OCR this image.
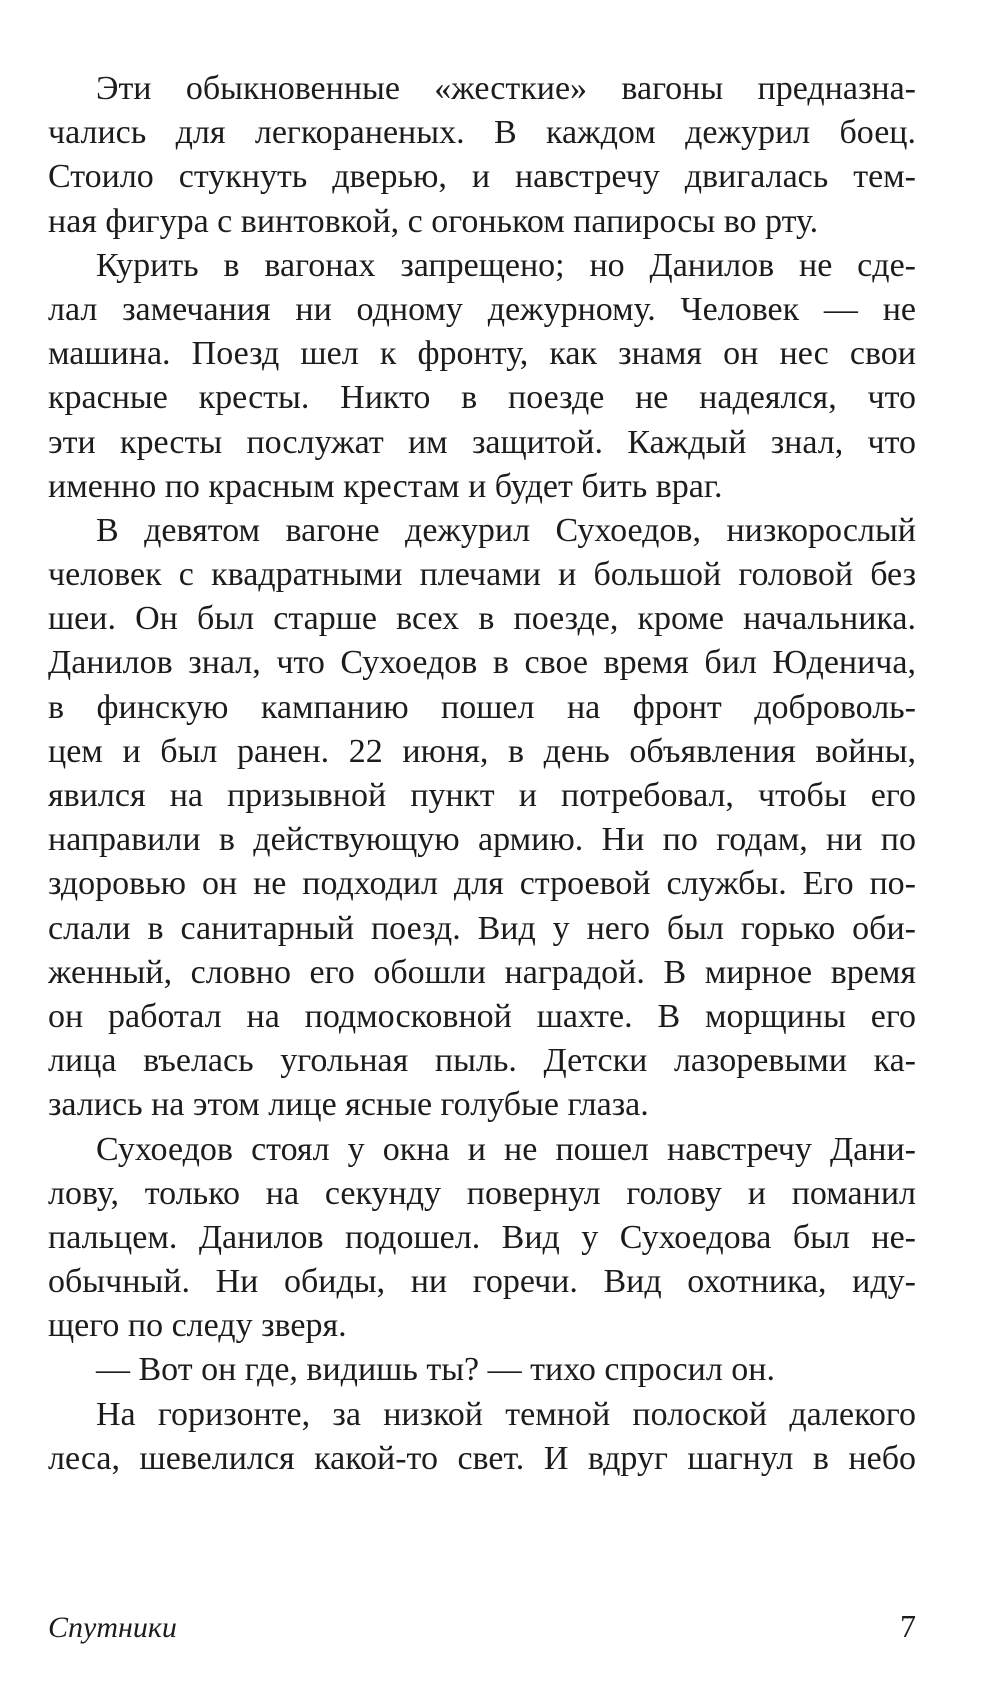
Эти обыкновенные «жесткие» вагоны предназна-
чались для легкораненых. В каждом дежурил боец.
Стоило стукнуть дверью, и навстречу двигалась тем-
ная фигура с винтовкой, с огоньком папиросы во рту.
Курить в вагонах запрещено; но Данилов не сде-
лал замечания ни одному дежурному. Человек — не
машина. Поезд шел к фронту, как знамя он нес свои
красные кресты. Никто в поезде не надеялся, что
эти кресты послужат им защитой. Каждый знал, что
именно по красным крестам и будет бить враг.
В девятом вагоне дежурил Сухоедов, низкорослый
человек с квадратными плечами и большой головой без
шеи. Он был старше всех в поезде, кроме начальника.
Данилов знал, что Сухоедов в свое время бил Юденича,
в финскую кампанию пошел на фронт доброволь-
цем и был ранен. 22 июня, в день объявления войны,
явился на призывной пункт и потребовал, чтобы его
направили в действующую армию. Ни по годам, ни по
здоровью он не подходил для строевой службы. Его по-
слали в санитарный поезд. Вид у него был горько оби-
женный, словно его обошли наградой. В мирное время
он работал на подмосковной шахте. В морщины его
лица въелась угольная пыль. Детски лазоревыми ка-
зались на этом лице ясные голубые глаза.
Сухоедов стоял у окна и не пошел навстречу Дани-
лову, только на секунду повернул голову и поманил
пальцем. Данилов подошел. Вид у Сухоедова был не-
обычный. Ни обиды, ни горечи. Вид охотника, иду-
щего по следу зверя.
— Вот он где, видишь ты? — тихо спросил он.
На горизонте, за низкой темной полоской далекого
леса, шевелился какой-то свет. И вдруг шагнул в небо
Спутники	7
